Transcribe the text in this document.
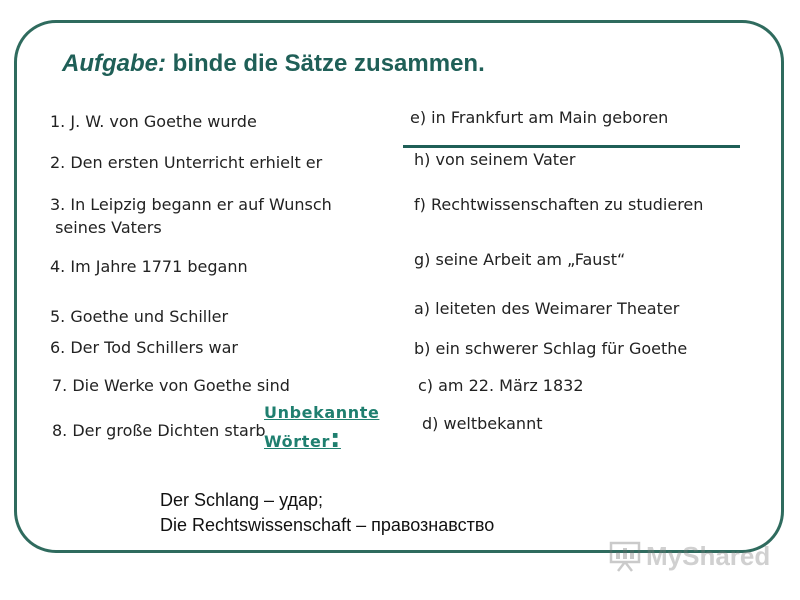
Aufgabe: binde die Sätze zusammen.
1. J. W. von Goethe wurde
2. Den ersten Unterricht erhielt er
3. In Leipzig begann er auf Wunsch
seines Vaters
4. Im Jahre 1771 begann
5. Goethe und Schiller
6. Der Tod Schillers war
7. Die Werke von Goethe sind
8. Der große Dichten starb
e) in Frankfurt am Main geboren
h) von seinem Vater
f) Rechtwissenschaften zu studieren
g) seine Arbeit am „Faust“
a) leiteten des Weimarer Theater
b) ein schwerer Schlag für Goethe
c) am 22. März 1832
d) weltbekannt
Unbekannte
Wörter:
Der Schlang – удар;
Die Rechtswissenschaft – правознавство
MyShared
